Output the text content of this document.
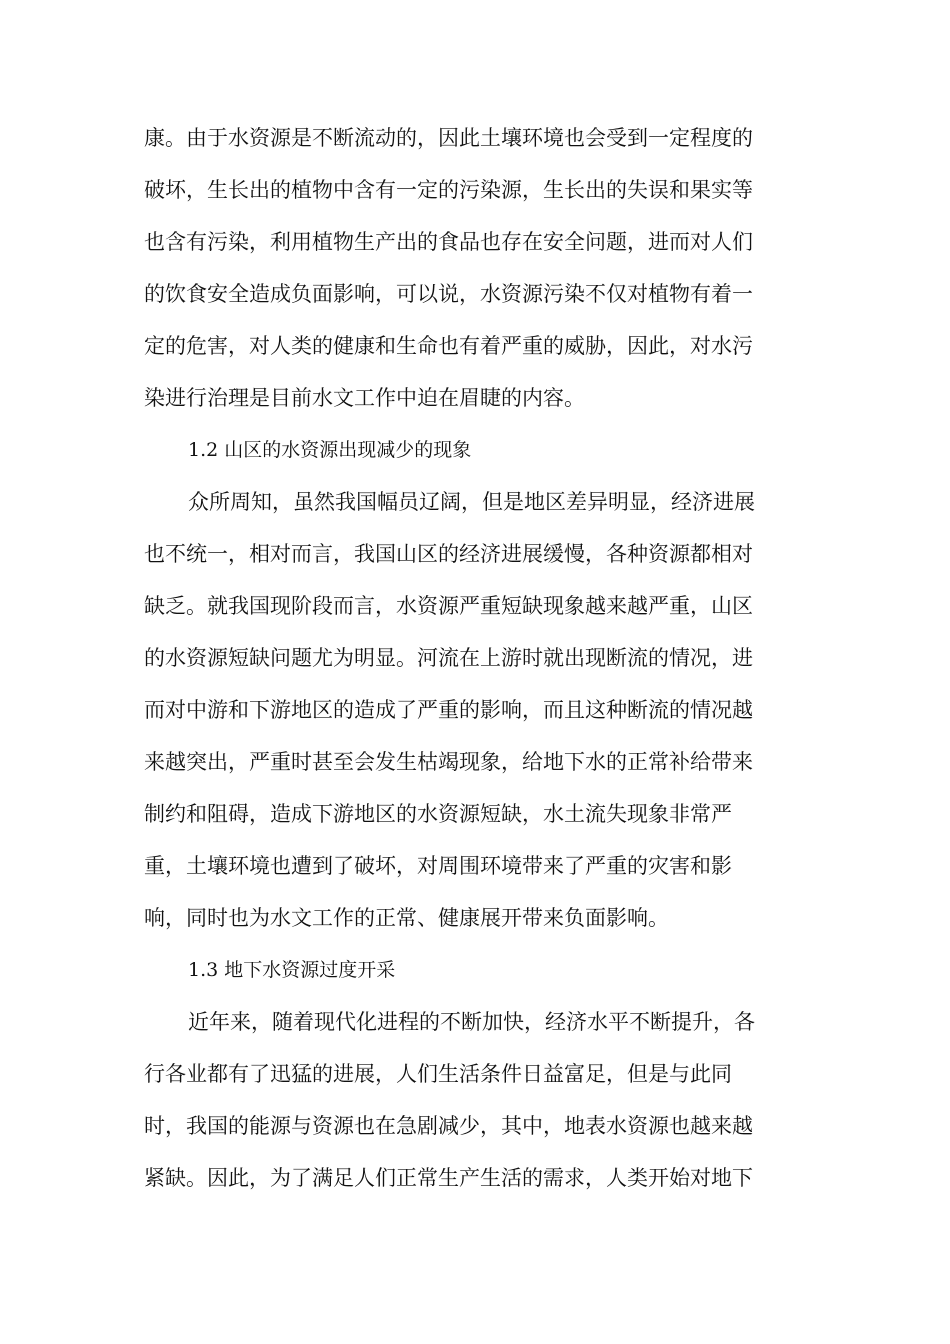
康。由于水资源是不断流动的，因此土壤环境也会受到一定程度的
破坏，生长出的植物中含有一定的污染源，生长出的失误和果实等
也含有污染，利用植物生产出的食品也存在安全问题，进而对人们
的饮食安全造成负面影响，可以说，水资源污染不仅对植物有着一
定的危害，对人类的健康和生命也有着严重的威胁，因此，对水污
染进行治理是目前水文工作中迫在眉睫的内容。
1.2 山区的水资源出现减少的现象
众所周知，虽然我国幅员辽阔，但是地区差异明显，经济进展
也不统一，相对而言，我国山区的经济进展缓慢，各种资源都相对
缺乏。就我国现阶段而言，水资源严重短缺现象越来越严重，山区
的水资源短缺问题尤为明显。河流在上游时就出现断流的情况，进
而对中游和下游地区的造成了严重的影响，而且这种断流的情况越
来越突出，严重时甚至会发生枯竭现象，给地下水的正常补给带来
制约和阻碍，造成下游地区的水资源短缺，水土流失现象非常严
重，土壤环境也遭到了破坏，对周围环境带来了严重的灾害和影
响，同时也为水文工作的正常、健康展开带来负面影响。
1.3 地下水资源过度开采
近年来，随着现代化进程的不断加快，经济水平不断提升，各
行各业都有了迅猛的进展，人们生活条件日益富足，但是与此同
时，我国的能源与资源也在急剧减少，其中，地表水资源也越来越
紧缺。因此，为了满足人们正常生产生活的需求，人类开始对地下
